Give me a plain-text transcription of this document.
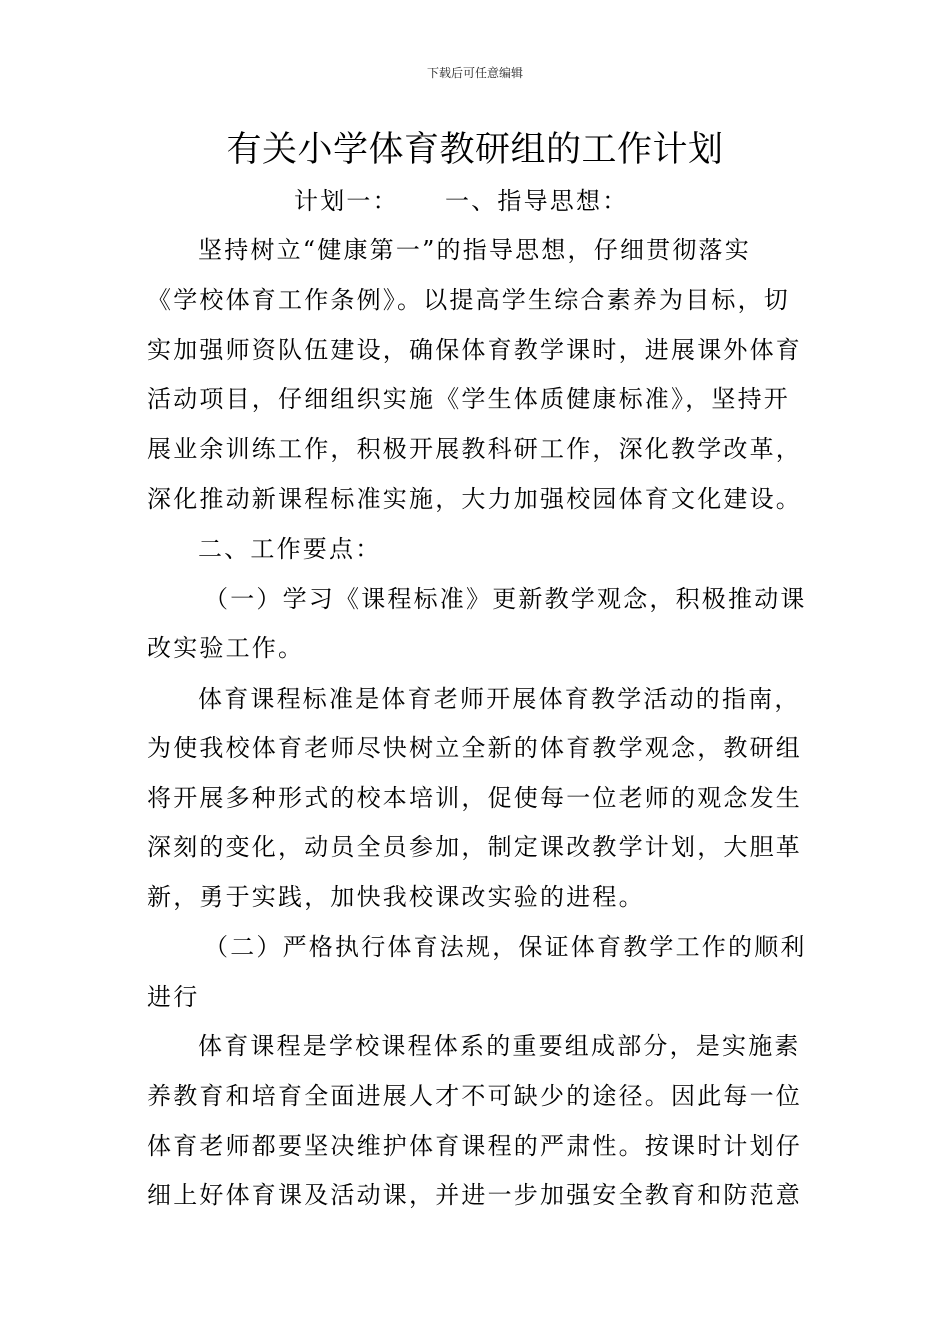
下载后可任意编辑
有关小学体育教研组的工作计划
计划一： 一、指导思想：
坚持树立“健康第一”的指导思想，仔细贯彻落实
《学校体育工作条例》。以提高学生综合素养为目标，切
实加强师资队伍建设，确保体育教学课时，进展课外体育
活动项目，仔细组织实施《学生体质健康标准》，坚持开
展业余训练工作，积极开展教科研工作，深化教学改革，
深化推动新课程标准实施，大力加强校园体育文化建设。
二、工作要点：
（一）学习《课程标准》更新教学观念，积极推动课
改实验工作。
体育课程标准是体育老师开展体育教学活动的指南，
为使我校体育老师尽快树立全新的体育教学观念，教研组
将开展多种形式的校本培训，促使每一位老师的观念发生
深刻的变化，动员全员参加，制定课改教学计划，大胆革
新，勇于实践，加快我校课改实验的进程。
（二）严格执行体育法规，保证体育教学工作的顺利
进行
体育课程是学校课程体系的重要组成部分，是实施素
养教育和培育全面进展人才不可缺少的途径。因此每一位
体育老师都要坚决维护体育课程的严肃性。按课时计划仔
细上好体育课及活动课，并进一步加强安全教育和防范意
